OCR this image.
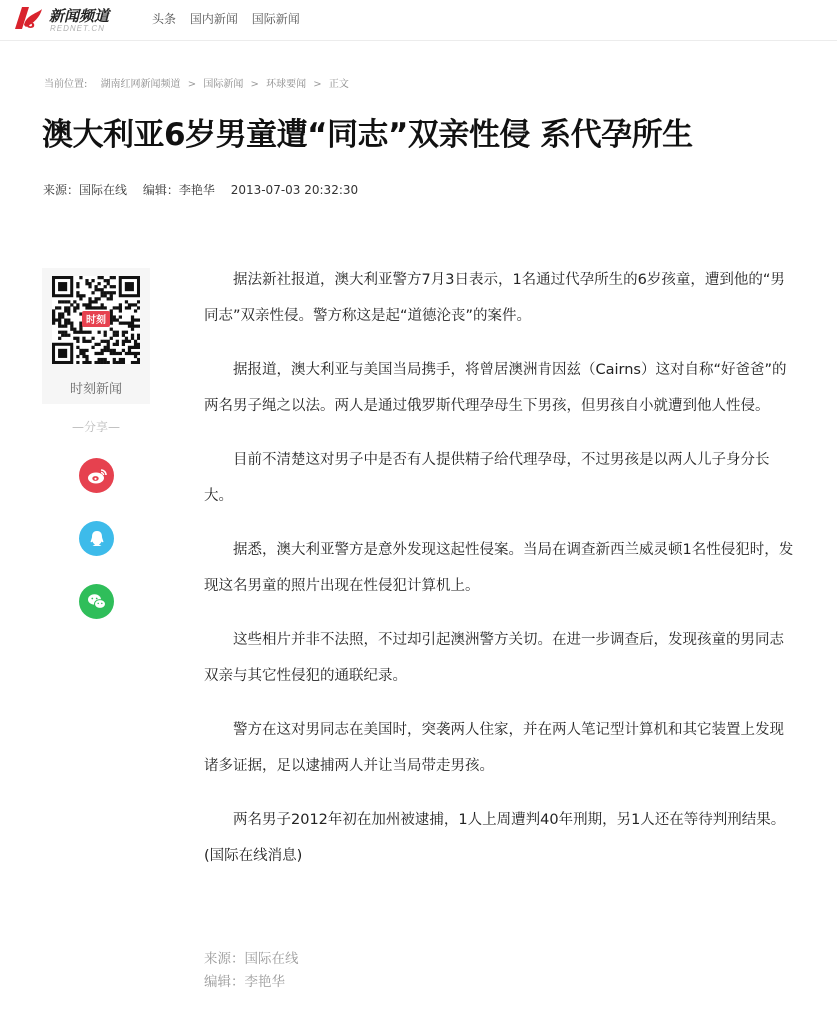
8 新闻频道
REDNET.CN
头条 国内新闻 国际新闻
当前位置: 湖南红网新闻频道 > 国际新闻 > 环球要闻 > 正文
澳大利亚6岁男童遭“同志”双亲性侵 系代孕所生
来源：国际在线 编辑：李艳华 2013-07-03 20:32:30
时刻
时刻新闻
—分享—

据法新社报道，澳大利亚警方7月3日表示，1名通过代孕所生的6岁孩童，遭到他的“男同志”双亲性侵。警方称这是起“道德沦丧”的案件。

据报道，澳大利亚与美国当局携手，将曾居澳洲肯因兹（Cairns）这对自称“好爸爸”的两名男子绳之以法。两人是通过俄罗斯代理孕母生下男孩，但男孩自小就遭到他人性侵。

目前不清楚这对男子中是否有人提供精子给代理孕母，不过男孩是以两人儿子身分长大。

据悉，澳大利亚警方是意外发现这起性侵案。当局在调查新西兰威灵顿1名性侵犯时，发现这名男童的照片出现在性侵犯计算机上。

这些相片并非不法照，不过却引起澳洲警方关切。在进一步调查后，发现孩童的男同志双亲与其它性侵犯的通联纪录。

警方在这对男同志在美国时，突袭两人住家，并在两人笔记型计算机和其它装置上发现诸多证据，足以逮捕两人并让当局带走男孩。

两名男子2012年初在加州被逮捕，1人上周遭判40年刑期，另1人还在等待判刑结果。(国际在线消息)

来源：国际在线
编辑：李艳华
